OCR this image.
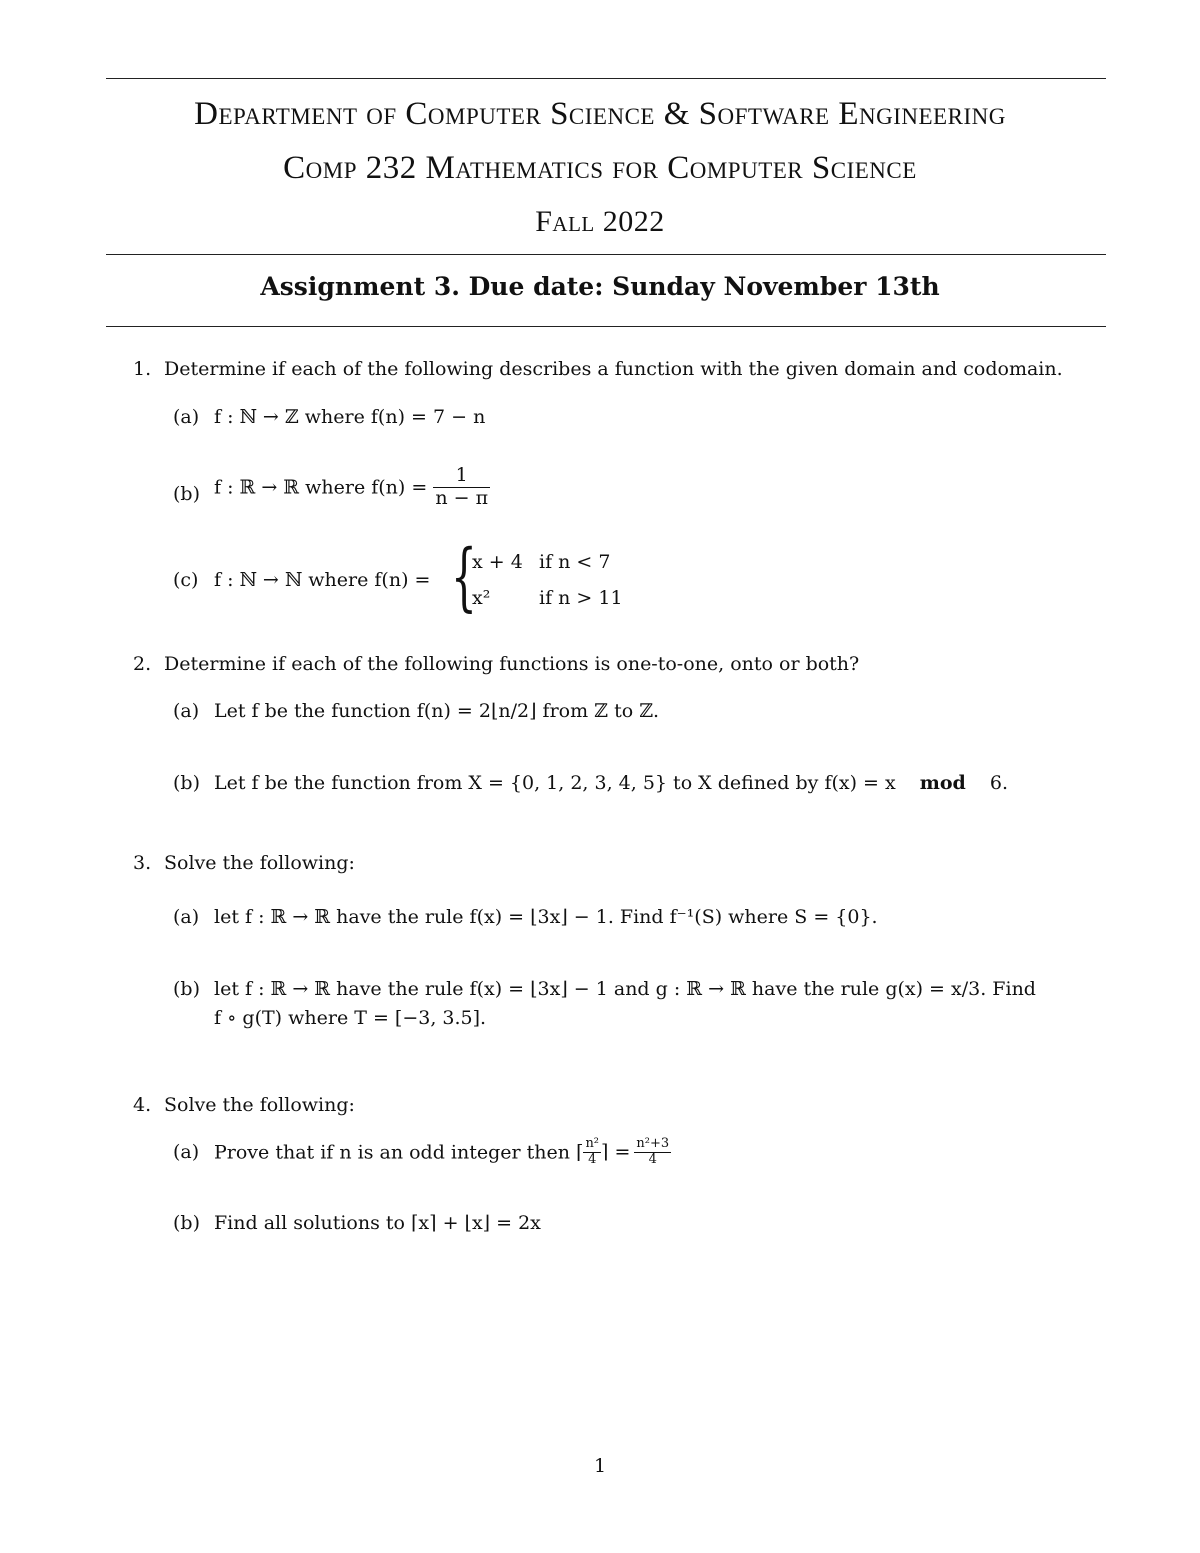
Department of Computer Science & Software Engineering
Comp 232 Mathematics for Computer Science
Fall 2022
Assignment 3. Due date: Sunday November 13th
1. Determine if each of the following describes a function with the given domain and codomain.
(a) f : ℕ → ℤ where f(n) = 7 − n
(b) f : ℝ → ℝ where $f(n) = \frac{1}{n - \pi}$
(c) f : ℕ → ℕ where f(n) = {
x + 4 if n < 7
x²	if n > 11
2. Determine if each of the following functions is one-to-one, onto or both?
(a) Let f be the function f(n) = 2⌊n/2⌋ from ℤ to ℤ.
(b) Let f be the function from X = {0, 1, 2, 3, 4, 5} to X defined by f(x) = x mod 6.
3. Solve the following:
(a) let f : ℝ → ℝ have the rule f(x) = ⌊3x⌋ − 1. Find f⁻¹(S) where S = {0}.
(b) let f : ℝ → ℝ have the rule f(x) = ⌊3x⌋ − 1 and g : ℝ → ℝ have the rule g(x) = x/3. Find
f ∘ g(T) where T = [−3, 3.5].
4. Solve the following:
(a) Prove that if n is an odd integer then ⌈ $\frac{\text{n²}}{4}$ ⌉ = $\frac{\text{n²+3}}{4}$
(b) Find all solutions to ⌈x⌉ + ⌊x⌋ = 2x
1
